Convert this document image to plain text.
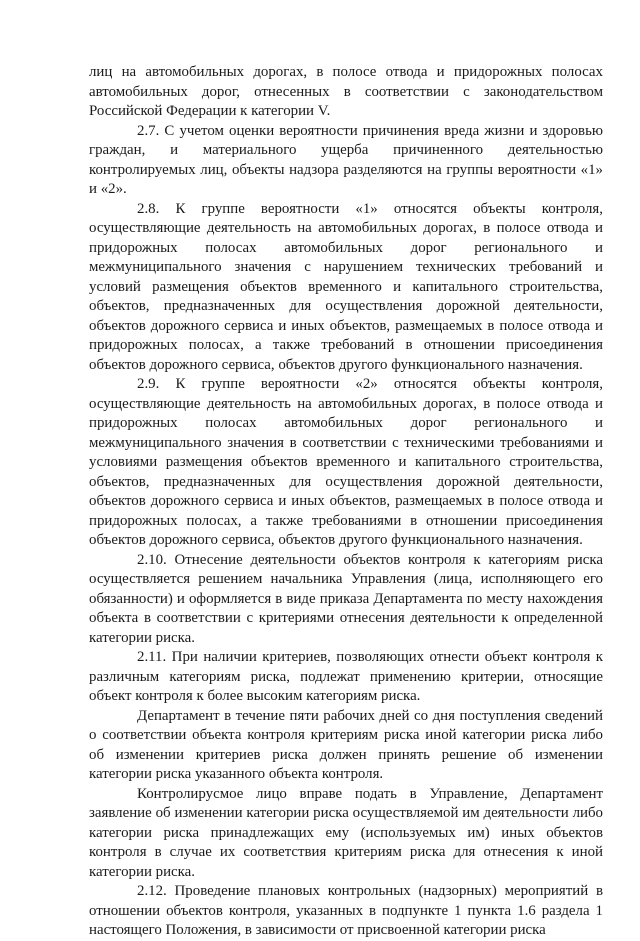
лиц на автомобильных дорогах, в полосе отвода и придорожных полосах автомобильных дорог, отнесенных в соответствии с законодательством Российской Федерации к категории V.

2.7. С учетом оценки вероятности причинения вреда жизни и здоровью граждан, и материального ущерба причиненного деятельностью контролируемых лиц, объекты надзора разделяются на группы вероятности «1» и «2».

2.8. К группе вероятности «1» относятся объекты контроля, осуществляющие деятельность на автомобильных дорогах, в полосе отвода и придорожных полосах автомобильных дорог регионального и межмуниципального значения с нарушением технических требований и условий размещения объектов временного и капитального строительства, объектов, предназначенных для осуществления дорожной деятельности, объектов дорожного сервиса и иных объектов, размещаемых в полосе отвода и придорожных полосах, а также требований в отношении присоединения объектов дорожного сервиса, объектов другого функционального назначения.

2.9. К группе вероятности «2» относятся объекты контроля, осуществляющие деятельность на автомобильных дорогах, в полосе отвода и придорожных полосах автомобильных дорог регионального и межмуниципального значения в соответствии с техническими требованиями и условиями размещения объектов временного и капитального строительства, объектов, предназначенных для осуществления дорожной деятельности, объектов дорожного сервиса и иных объектов, размещаемых в полосе отвода и придорожных полосах, а также требованиями в отношении присоединения объектов дорожного сервиса, объектов другого функционального назначения.

2.10. Отнесение деятельности объектов контроля к категориям риска осуществляется решением начальника Управления (лица, исполняющего его обязанности) и оформляется в виде приказа Департамента по месту нахождения объекта в соответствии с критериями отнесения деятельности к определенной категории риска.

2.11. При наличии критериев, позволяющих отнести объект контроля к различным категориям риска, подлежат применению критерии, относящие объект контроля к более высоким категориям риска.

Департамент в течение пяти рабочих дней со дня поступления сведений о соответствии объекта контроля критериям риска иной категории риска либо об изменении критериев риска должен принять решение об изменении категории риска указанного объекта контроля.

Контролирусмое лицо вправе подать в Управление, Департамент заявление об изменении категории риска осуществляемой им деятельности либо категории риска принадлежащих ему (используемых им) иных объектов контроля в случае их соответствия критериям риска для отнесения к иной категории риска.

2.12. Проведение плановых контрольных (надзорных) мероприятий в отношении объектов контроля, указанных в подпункте 1 пункта 1.6 раздела 1 настоящего Положения, в зависимости от присвоенной категории риска
